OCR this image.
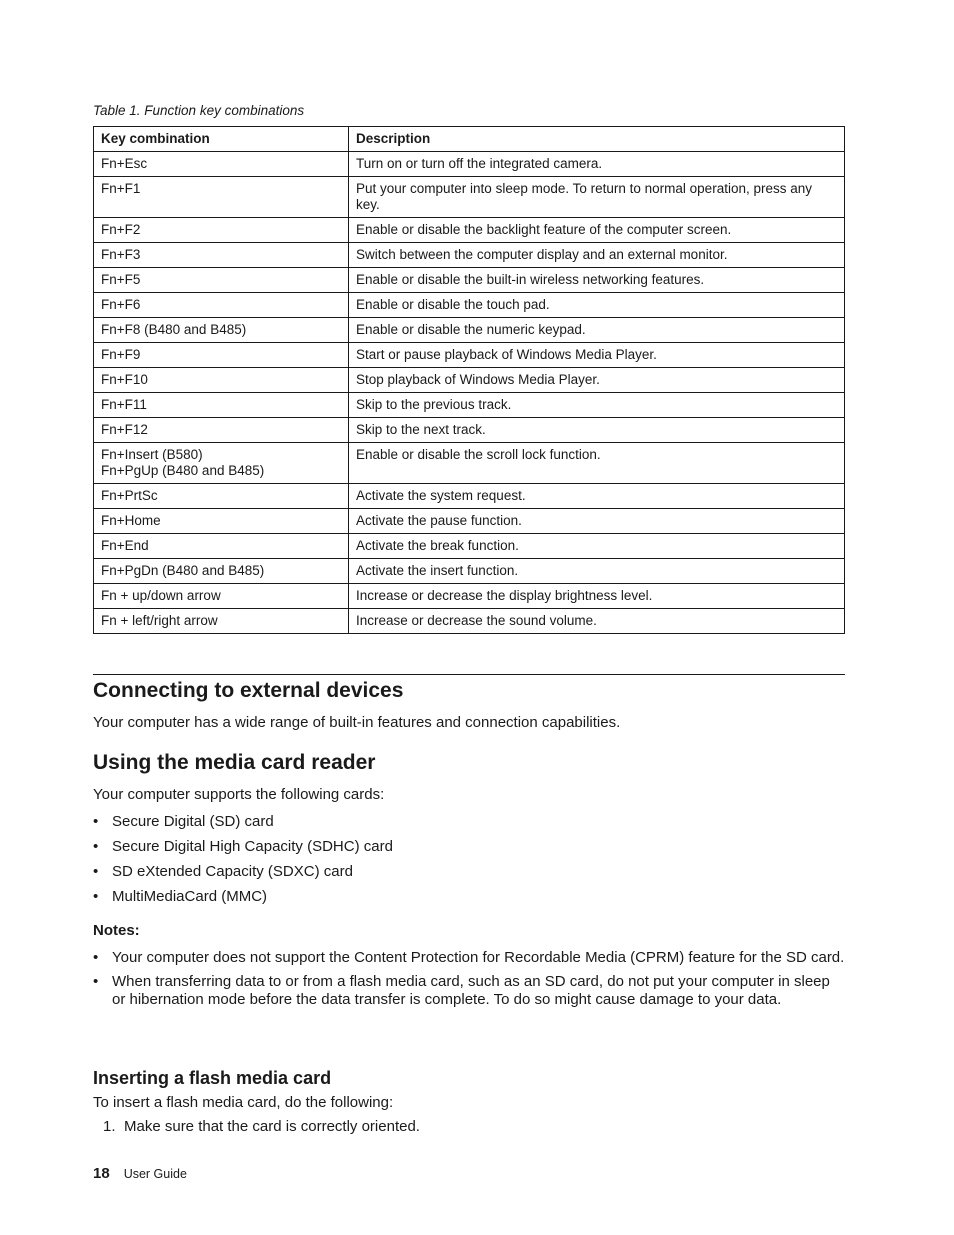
Table 1. Function key combinations
Key combination	Description

Fn+Esc	Turn on or turn off the integrated camera.

Fn+F1	Put your computer into sleep mode. To return to normal operation, press any key.

Fn+F2	Enable or disable the backlight feature of the computer screen.

Fn+F3	Switch between the computer display and an external monitor.

Fn+F5	Enable or disable the built-in wireless networking features.

Fn+F6	Enable or disable the touch pad.

Fn+F8 (B480 and B485)	Enable or disable the numeric keypad.

Fn+F9	Start or pause playback of Windows Media Player.

Fn+F10	Stop playback of Windows Media Player.

Fn+F11	Skip to the previous track.

Fn+F12	Skip to the next track.

Fn+Insert (B580)
Fn+PgUp (B480 and B485)	Enable or disable the scroll lock function.

Fn+PrtSc	Activate the system request.

Fn+Home	Activate the pause function.

Fn+End	Activate the break function.

Fn+PgDn (B480 and B485)	Activate the insert function.

Fn + up/down arrow	Increase or decrease the display brightness level.

Fn + left/right arrow	Increase or decrease the sound volume.
Connecting to external devices

Your computer has a wide range of built-in features and connection capabilities.

Using the media card reader

Your computer supports the following cards:

• Secure Digital (SD) card
• Secure Digital High Capacity (SDHC) card
• SD eXtended Capacity (SDXC) card
• MultiMediaCard (MMC)

Notes:

• Your computer does not support the Content Protection for Recordable Media (CPRM) feature for the SD card.
• When transferring data to or from a flash media card, such as an SD card, do not put your computer in sleep or hibernation mode before the data transfer is complete. To do so might cause damage to your data.
Inserting a flash media card

To insert a flash media card, do the following:

1. Make sure that the card is correctly oriented.
18 User Guide
